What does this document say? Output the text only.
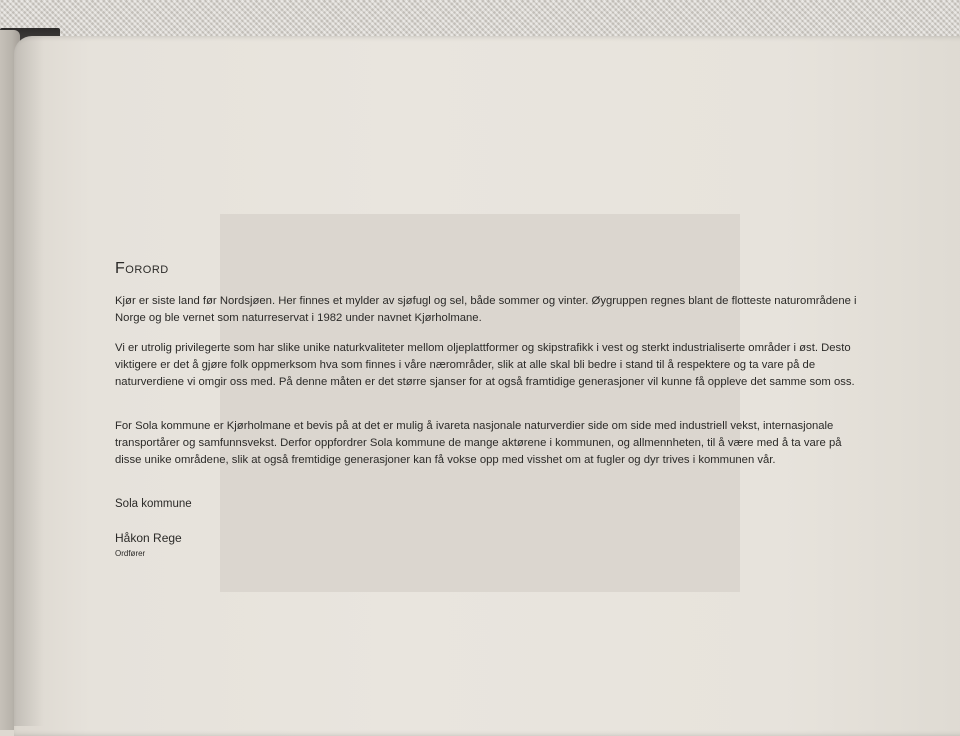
Forord
Kjør er siste land før Nordsjøen. Her finnes et mylder av sjøfugl og sel, både sommer og vinter. Øygruppen regnes blant de flotteste naturområdene i Norge og ble vernet som naturreservat i 1982 under navnet Kjørholmane.
Vi er utrolig privilegerte som har slike unike naturkvaliteter mellom oljeplattformer og skipstrafikk i vest og sterkt industrialiserte områder i øst. Desto viktigere er det å gjøre folk oppmerksom hva som finnes i våre nærområder, slik at alle skal bli bedre i stand til å respektere og ta vare på de naturverdiene vi omgir oss med. På denne måten er det større sjanser for at også framtidige generasjoner vil kunne få oppleve det samme som oss.
For Sola kommune er Kjørholmane et bevis på at det er mulig å ivareta nasjonale naturverdier side om side med industriell vekst, internasjonale transportårer og samfunnsvekst. Derfor oppfordrer Sola kommune de mange aktørene i kommunen, og allmennheten, til å være med å ta vare på disse unike områdene, slik at også fremtidige generasjoner kan få vokse opp med visshet om at fugler og dyr trives i kommunen vår.
Sola kommune
Håkon Rege
Ordfører
